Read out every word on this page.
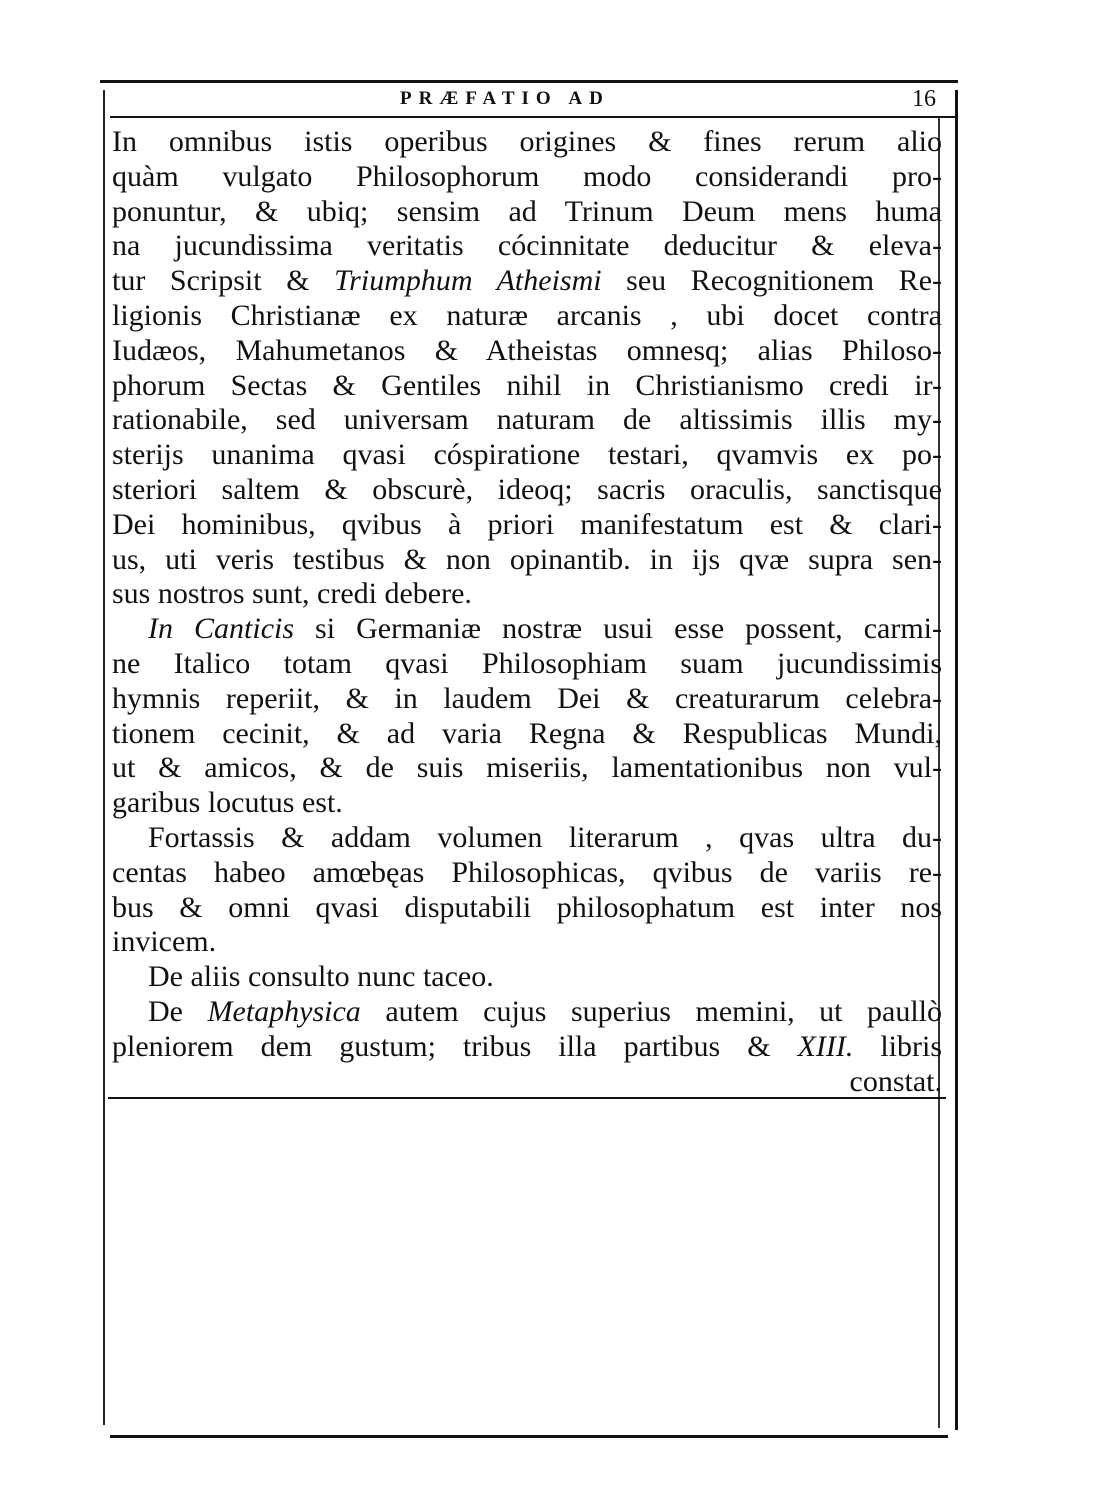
PRÆFATIO AD	16
In omnibus istis operibus origines & fines rerum alio
quàm vulgato Philosophorum modo considerandi pro-
ponuntur, & ubiq; sensim ad Trinum Deum mens huma
na jucundissima veritatis cócinnitate deducitur & eleva-
tur Scripsit & Triumphum Atheismi seu Recognitionem Re-
ligionis Christianæ ex naturæ arcanis , ubi docet contra
Iudæos, Mahumetanos & Atheistas omnesq; alias Philoso-
phorum Sectas & Gentiles nihil in Christianismo credi ir-
rationabile, sed universam naturam de altissimis illis my-
sterijs unanima qvasi cóspiratione testari, qvamvis ex po-
steriori saltem & obscurè, ideoq; sacris oraculis, sanctisque
Dei hominibus, qvibus à priori manifestatum est & clari-
us, uti veris testibus & non opinantib. in ijs qvæ supra sen-
sus nostros sunt, credi debere.
In Canticis si Germaniæ nostræ usui esse possent, carmi-
ne Italico totam qvasi Philosophiam suam jucundissimis
hymnis reperiit, & in laudem Dei & creaturarum celebra-
tionem cecinit, & ad varia Regna & Respublicas Mundi,
ut & amicos, & de suis miseriis, lamentationibus non vul-
garibus locutus est.
Fortassis & addam volumen literarum , qvas ultra du-
centas habeo amœbęas Philosophicas, qvibus de variis re-
bus & omni qvasi disputabili philosophatum est inter nos
invicem.
De aliis consulto nunc taceo.
De Metaphysica autem cujus superius memini, ut paullò
pleniorem dem gustum; tribus illa partibus & XIII. libris
constat.
